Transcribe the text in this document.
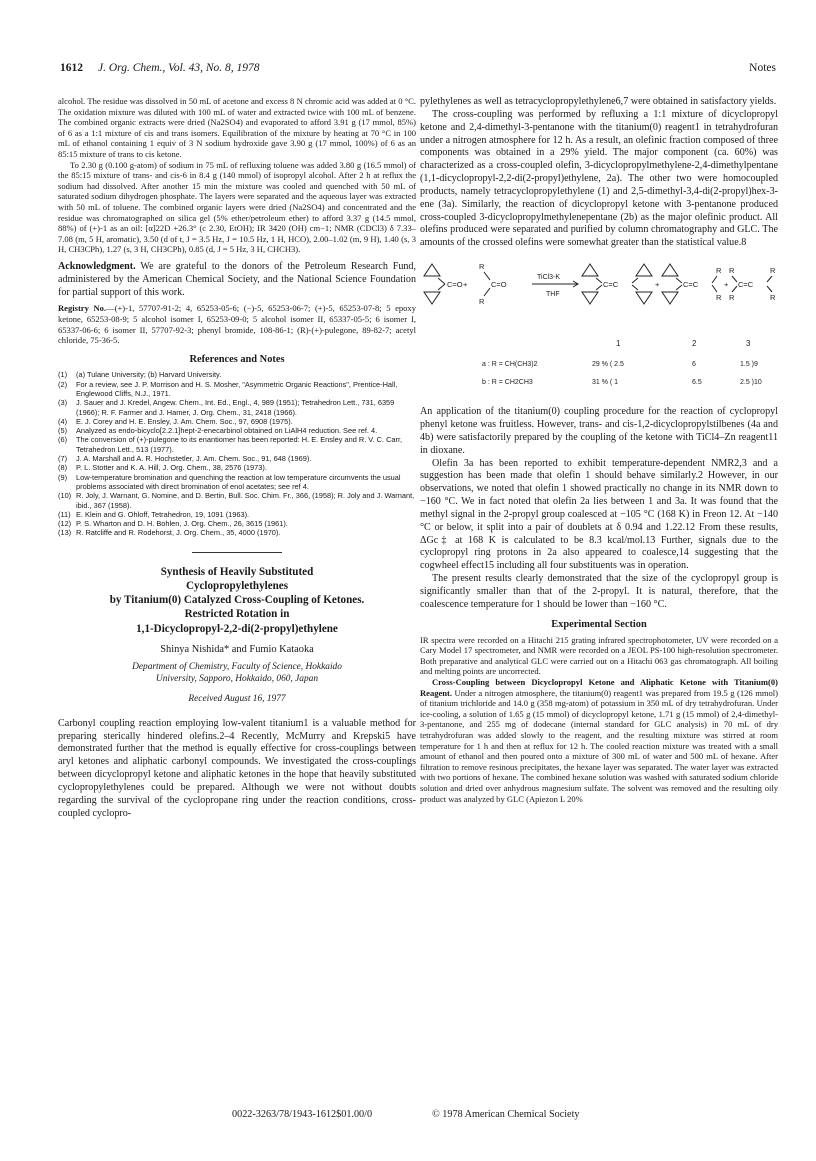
1612 J. Org. Chem., Vol. 43, No. 8, 1978	Notes

alcohol. The residue was dissolved in 50 mL of acetone and excess 8 N chromic acid was added at 0 °C. The oxidation mixture was diluted with 100 mL of water and extracted twice with 100 mL of benzene. The combined organic extracts were dried (Na2SO4) and evaporated to afford 3.91 g (17 mmol, 85%) of 6 as a 1:1 mixture of cis and trans isomers. Equilibration of the mixture by heating at 70 °C in 100 mL of ethanol containing 1 equiv of 3 N sodium hydroxide gave 3.90 g (17 mmol, 100%) of 6 as an 85:15 mixture of trans to cis ketone.

To 2.30 g (0.100 g-atom) of sodium in 75 mL of refluxing toluene was added 3.80 g (16.5 mmol) of the 85:15 mixture of trans- and cis-6 in 8.4 g (140 mmol) of isopropyl alcohol. After 2 h at reflux the sodium had dissolved. After another 15 min the mixture was cooled and quenched with 50 mL of saturated sodium dihydrogen phosphate. The layers were separated and the aqueous layer was extracted with 50 mL of toluene. The combined organic layers were dried (Na2SO4) and concentrated and the residue was chromatographed on silica gel (5% ether/petroleum ether) to afford 3.37 g (14.5 mmol, 88%) of (+)-1 as an oil: [α]22D +26.3° (c 2.30, EtOH); IR 3420 (OH) cm−1; NMR (CDCl3) δ 7.33–7.08 (m, 5 H, aromatic), 3.50 (d of t, J = 3.5 Hz, J = 10.5 Hz, 1 H, HCO), 2.00–1.02 (m, 9 H), 1.40 (s, 3 H, CH3CPh), 1.27 (s, 3 H, CH3CPh), 0.85 (d, J = 5 Hz, 3 H, CHCH3).

Acknowledgment. We are grateful to the donors of the Petroleum Research Fund, administered by the American Chemical Society, and the National Science Foundation for partial support of this work.

Registry No.—(+)-1, 57707-91-2; 4, 65253-05-6; (−)-5, 65253-06-7; (+)-5, 65253-07-8; 5 epoxy ketone, 65253-08-9; 5 alcohol isomer I, 65253-09-0; 5 alcohol isomer II, 65337-05-5; 6 isomer I, 65337-06-6; 6 isomer II, 57707-92-3; phenyl bromide, 108-86-1; (R)-(+)-pulegone, 89-82-7; acetyl chloride, 75-36-5.

References and Notes
(1) (a) Tulane University; (b) Harvard University.
(2) For a review, see J. P. Morrison and H. S. Mosher, "Asymmetric Organic Reactions", Prentice-Hall, Englewood Cliffs, N.J., 1971.
(3) J. Sauer and J. Kredel, Angew. Chem., Int. Ed., Engl., 4, 989 (1951); Tetrahedron Lett., 731, 6359 (1966); R. F. Farmer and J. Hamer, J. Org. Chem., 31, 2418 (1966).
(4) E. J. Corey and H. E. Ensley, J. Am. Chem. Soc., 97, 6908 (1975).
(5) Analyzed as endo-bicyclo[2.2.1]hept-2-enecarbinol obtained on LiAlH4 reduction. See ref. 4.
(6) The conversion of (+)-pulegone to its enantiomer has been reported: H. E. Ensley and R. V. C. Carr, Tetrahedron Lett., 513 (1977).
(7) J. A. Marshall and A. R. Hochstetler, J. Am. Chem. Soc., 91, 648 (1969).
(8) P. L. Stotter and K. A. Hill, J. Org. Chem., 38, 2576 (1973).
(9) Low-temperature bromination and quenching the reaction at low temperature circumvents the usual problems associated with direct bromination of enol acetates; see ref 4.
(10) R. Joly, J. Warnant, G. Nomine, and D. Bertin, Bull. Soc. Chim. Fr., 366, (1958); R. Joly and J. Warnant, ibid., 367 (1958).
(11) E. Klein and G. Ohloff, Tetrahedron, 19, 1091 (1963).
(12) P. S. Wharton and D. H. Bohlen, J. Org. Chem., 26, 3615 (1961).
(13) R. Ratcliffe and R. Rodehorst, J. Org. Chem., 35, 4000 (1970).

Synthesis of Heavily Substituted
Cyclopropylethylenes
by Titanium(0) Catalyzed Cross-Coupling of Ketones.
Restricted Rotation in
1,1-Dicyclopropyl-2,2-di(2-propyl)ethylene

Shinya Nishida* and Fumio Kataoka

Department of Chemistry, Faculty of Science, Hokkaido
University, Sapporo, Hokkaido, 060, Japan

Received August 16, 1977

Carbonyl coupling reaction employing low-valent titanium1 is a valuable method for preparing sterically hindered olefins.2–4 Recently, McMurry and Krepski5 have demonstrated further that the method is equally effective for cross-couplings between aryl ketones and aliphatic carbonyl compounds. We investigated the cross-couplings between dicyclopropyl ketone and aliphatic ketones in the hope that heavily substituted cyclopropylethylenes could be prepared. Although we were not without doubts regarding the survival of the cyclopropane ring under the reaction conditions, cross-coupled cyclopro-

pylethylenes as well as tetracyclopropylethylene6,7 were obtained in satisfactory yields.

The cross-coupling was performed by refluxing a 1:1 mixture of dicyclopropyl ketone and 2,4-dimethyl-3-pentanone with the titanium(0) reagent1 in tetrahydrofuran under a nitrogen atmosphere for 12 h. As a result, an olefinic fraction composed of three components was obtained in a 29% yield. The major component (ca. 60%) was characterized as a cross-coupled olefin, 3-dicyclopropylmethylene-2,4-dimethylpentane (1,1-dicyclopropyl-2,2-di(2-propyl)ethylene, 2a). The other two were homocoupled products, namely tetracyclopropylethylene (1) and 2,5-dimethyl-3,4-di(2-propyl)hex-3-ene (3a). Similarly, the reaction of dicyclopropyl ketone with 3-pentanone produced cross-coupled 3-dicyclopropylmethylenepentane (2b) as the major olefinic product. All olefins produced were separated and purified by column chromatography and GLC. The amounts of the crossed olefins were somewhat greater than the statistical value.8

C=O +
R
R
C=O
TiCl3-K
THF
C=C	+	C=C
R
R
+
R
R
C=C
R
R
1	2	3
a : R = CH(CH3)2	29 % ( 2.5	6	1.5 )9
b : R = CH2CH3	31 % ( 1	6.5	2.5 )10

An application of the titanium(0) coupling procedure for the reaction of cyclopropyl phenyl ketone was fruitless. However, trans- and cis-1,2-dicyclopropylstilbenes (4a and 4b) were satisfactorily prepared by the coupling of the ketone with TiCl4–Zn reagent11 in dioxane.

Olefin 3a has been reported to exhibit temperature-dependent NMR2,3 and a suggestion has been made that olefin 1 should behave similarly.2 However, in our observations, we noted that olefin 1 showed practically no change in its NMR down to −160 °C. We in fact noted that olefin 2a lies between 1 and 3a. It was found that the methyl signal in the 2-propyl group coalesced at −105 °C (168 K) in Freon 12. At −140 °C or below, it split into a pair of doublets at δ 0.94 and 1.22.12 From these results, ΔGc‡ at 168 K is calculated to be 8.3 kcal/mol.13 Further, signals due to the cyclopropyl ring protons in 2a also appeared to coalesce,14 suggesting that the cogwheel effect15 including all four substituents was in operation.

The present results clearly demonstrated that the size of the cyclopropyl group is significantly smaller than that of the 2-propyl. It is natural, therefore, that the coalescence temperature for 1 should be lower than −160 °C.

Experimental Section

IR spectra were recorded on a Hitachi 215 grating infrared spectrophotometer, UV were recorded on a Cary Model 17 spectrometer, and NMR were recorded on a JEOL PS-100 high-resolution spectrometer. Both preparative and analytical GLC were carried out on a Hitachi 063 gas chromatograph. All boiling and melting points are uncorrected.

Cross-Coupling between Dicyclopropyl Ketone and Aliphatic Ketone with Titanium(0) Reagent. Under a nitrogen atmosphere, the titanium(0) reagent1 was prepared from 19.5 g (126 mmol) of titanium trichloride and 14.0 g (358 mg-atom) of potassium in 350 mL of dry tetrahydrofuran. Under ice-cooling, a solution of 1.65 g (15 mmol) of dicyclopropyl ketone, 1.71 g (15 mmol) of 2,4-dimethyl-3-pentanone, and 255 mg of dodecane (internal standard for GLC analysis) in 70 mL of dry tetrahydrofuran was added slowly to the reagent, and the resulting mixture was stirred at room temperature for 1 h and then at reflux for 12 h. The cooled reaction mixture was treated with a small amount of ethanol and then poured onto a mixture of 300 mL of water and 500 mL of hexane. After filtration to remove resinous precipitates, the hexane layer was separated. The water layer was extracted with two portions of hexane. The combined hexane solution was washed with saturated sodium chloride solution and dried over anhydrous magnesium sulfate. The solvent was removed and the resulting oily product was analyzed by GLC (Apiezon L 20%

0022-3263/78/1943-1612$01.00/0	© 1978 American Chemical Society
